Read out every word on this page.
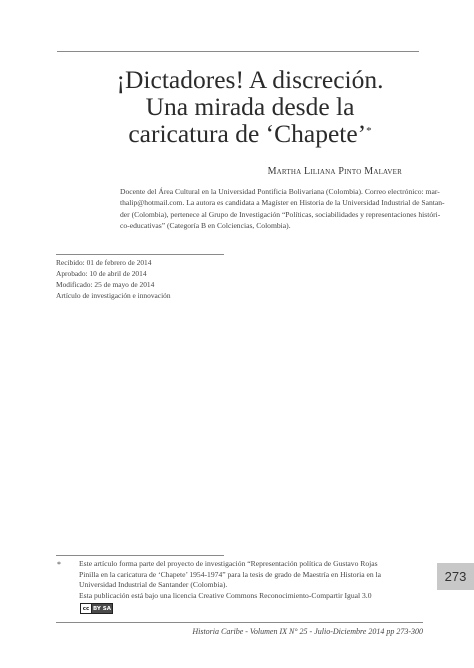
¡Dictadores! A discreción.
Una mirada desde la
caricatura de ‘Chapete’*
Martha Liliana Pinto Malaver
Docente del Área Cultural en la Universidad Pontificia Bolivariana (Colombia). Correo electrónico: mar-
thalip@hotmail.com. La autora es candidata a Magíster en Historia de la Universidad Industrial de Santan-
der (Colombia), pertenece al Grupo de Investigación “Políticas, sociabilidades y representaciones históri-
co-educativas” (Categoría B en Colciencias, Colombia).
Recibido: 01 de febrero de 2014
Aprobado: 10 de abril de 2014
Modificado: 25 de mayo de 2014
Artículo de investigación e innovación
* Este artículo forma parte del proyecto de investigación “Representación política de Gustavo Rojas
Pinilla en la caricatura de ‘Chapete’ 1954-1974” para la tesis de grado de Maestría en Historia en la
Universidad Industrial de Santander (Colombia).
Esta publicación está bajo una licencia Creative Commons Reconocimiento-Compartir Igual 3.0
cc BY SA
273
Historia Caribe - Volumen IX N° 25 - Julio-Diciembre 2014 pp 273-300
